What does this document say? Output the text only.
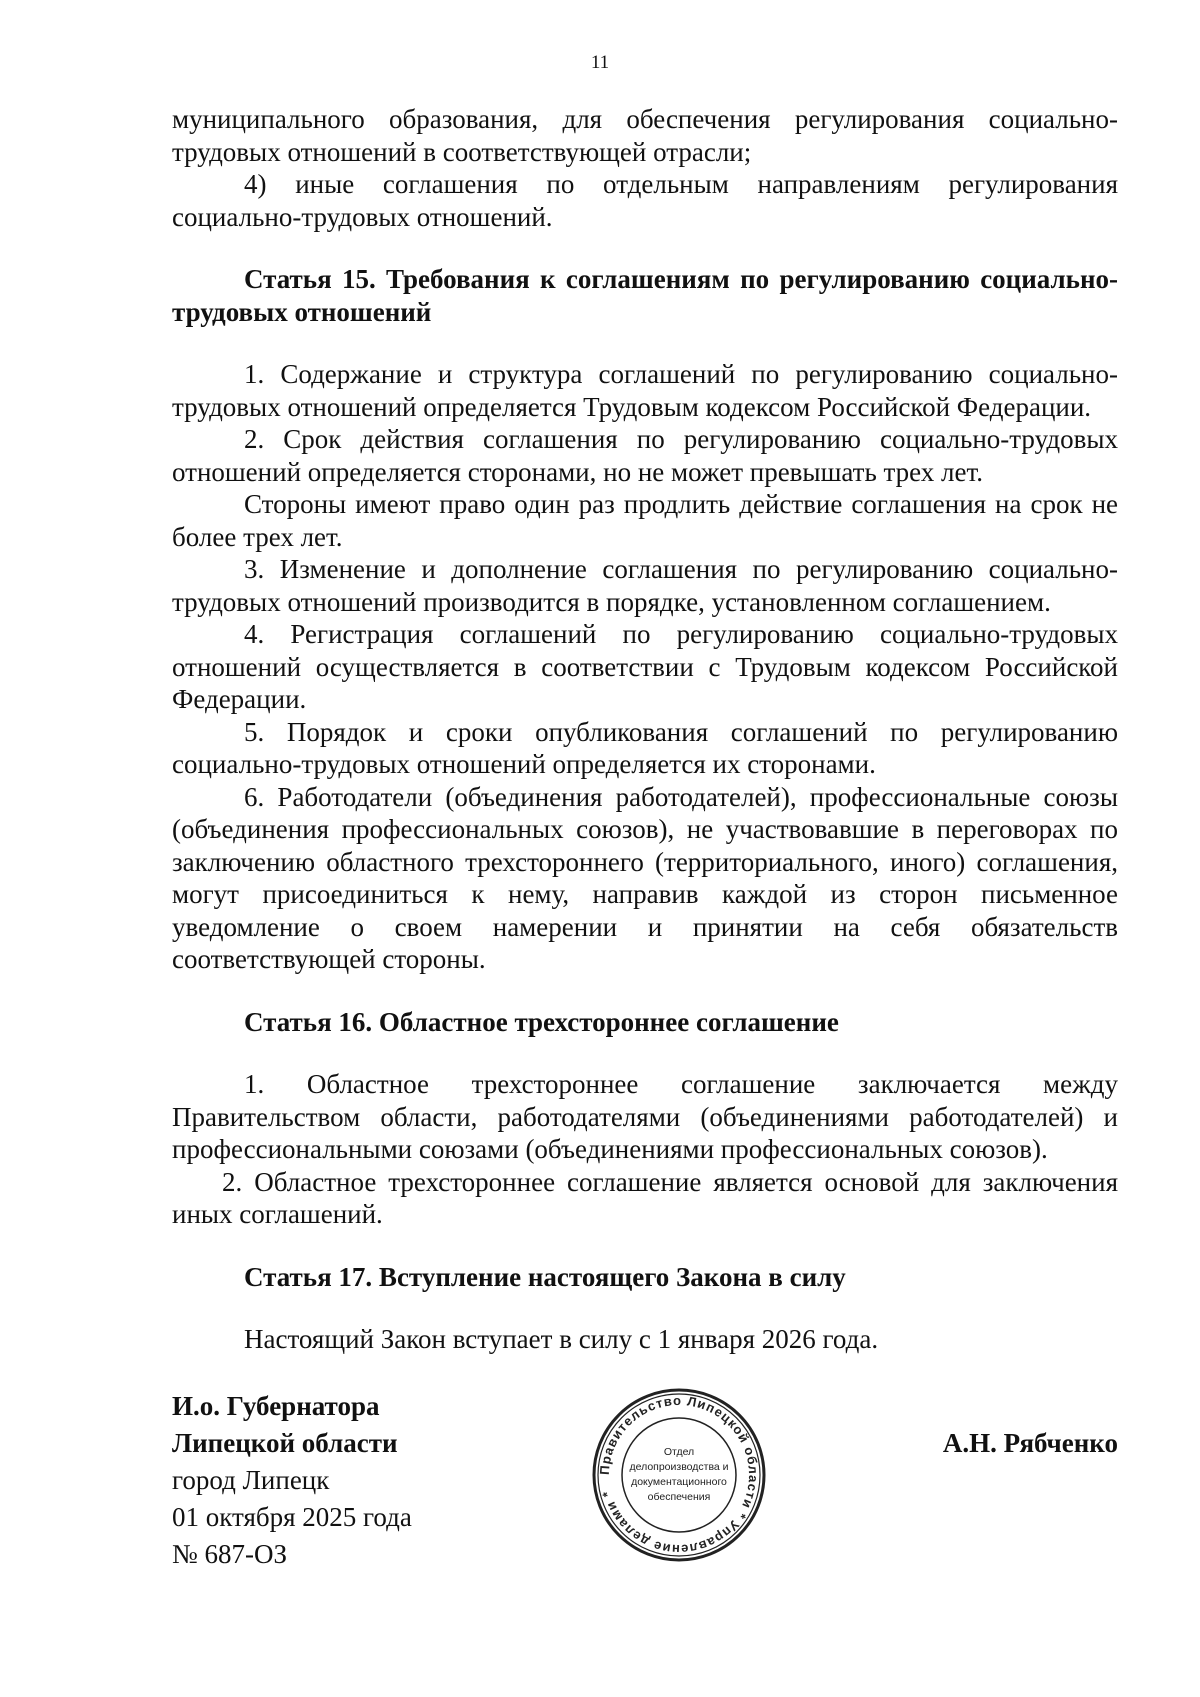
11

муниципального образования, для обеспечения регулирования социально-трудовых отношений в соответствующей отрасли;

4) иные соглашения по отдельным направлениям регулирования социально-трудовых отношений.

Статья 15. Требования к соглашениям по регулированию социально-трудовых отношений

1. Содержание и структура соглашений по регулированию социально-трудовых отношений определяется Трудовым кодексом Российской Федерации.

2. Срок действия соглашения по регулированию социально-трудовых отношений определяется сторонами, но не может превышать трех лет.

Стороны имеют право один раз продлить действие соглашения на срок не более трех лет.

3. Изменение и дополнение соглашения по регулированию социально-трудовых отношений производится в порядке, установленном соглашением.

4. Регистрация соглашений по регулированию социально-трудовых отношений осуществляется в соответствии с Трудовым кодексом Российской Федерации.

5. Порядок и сроки опубликования соглашений по регулированию социально-трудовых отношений определяется их сторонами.

6. Работодатели (объединения работодателей), профессиональные союзы (объединения профессиональных союзов), не участвовавшие в переговорах по заключению областного трехстороннего (территориального, иного) соглашения, могут присоединиться к нему, направив каждой из сторон письменное уведомление о своем намерении и принятии на себя обязательств соответствующей стороны.

Статья 16. Областное трехстороннее соглашение

1. Областное трехстороннее соглашение заключается между Правительством области, работодателями (объединениями работодателей) и профессиональными союзами (объединениями профессиональных союзов).

2. Областное трехстороннее соглашение является основой для заключения иных соглашений.

Статья 17. Вступление настоящего Закона в силу

Настоящий Закон вступает в силу с 1 января 2026 года.

И.о. Губернатора
Липецкой области
город Липецк
01 октября 2025 года
№ 687-ОЗ
Правительство Липецкой области * Управление делами *
Отдел
делопроизводства и
документационного
обеспечения
А.Н. Рябченко
